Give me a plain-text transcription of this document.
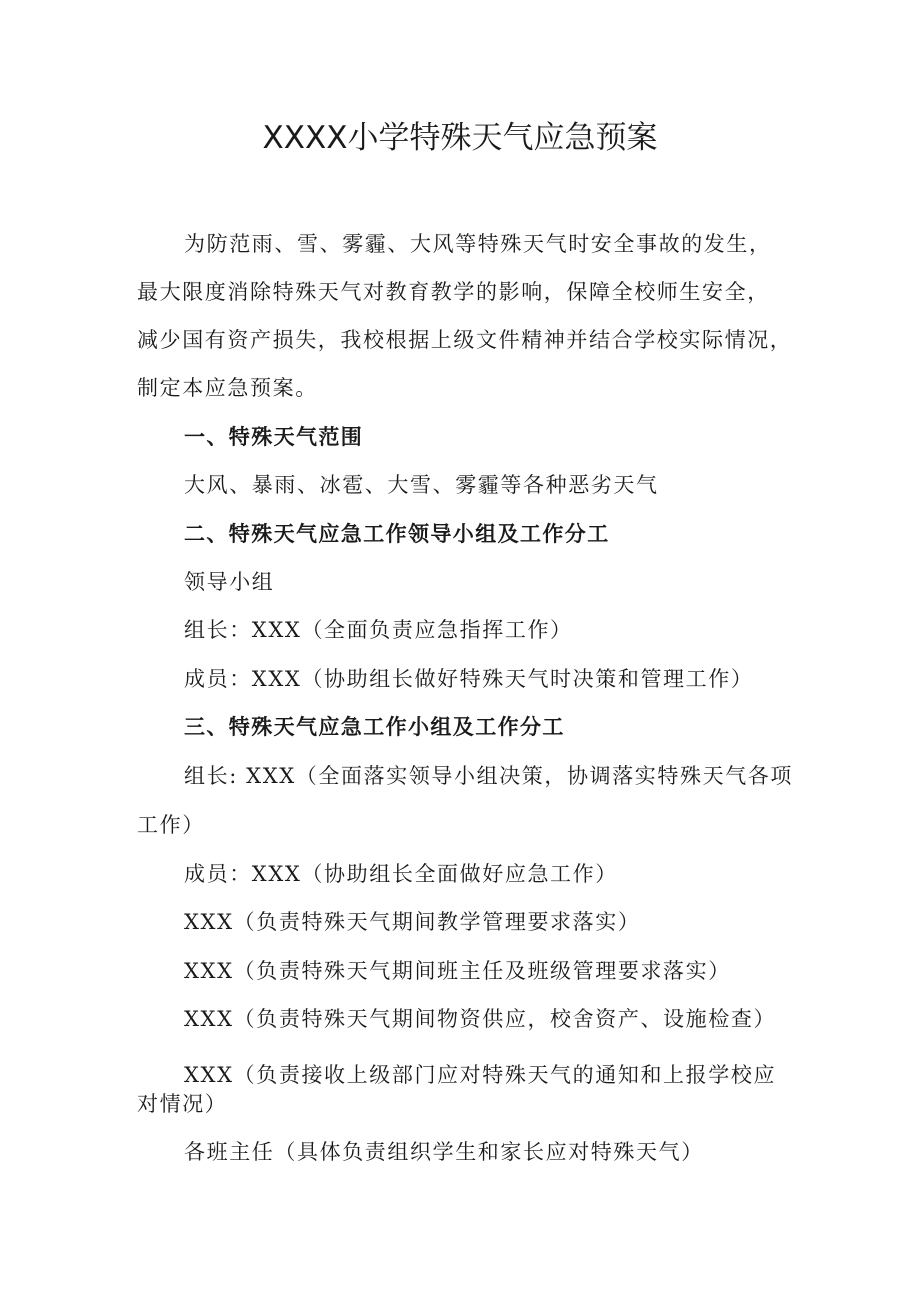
XXXX小学特殊天气应急预案
为防范雨、雪、雾霾、大风等特殊天气时安全事故的发生，
最大限度消除特殊天气对教育教学的影响，保障全校师生安全，
减少国有资产损失，我校根据上级文件精神并结合学校实际情况，
制定本应急预案。
一、特殊天气范围
大风、暴雨、冰雹、大雪、雾霾等各种恶劣天气
二、特殊天气应急工作领导小组及工作分工
领导小组
组长：XXX（全面负责应急指挥工作）
成员：XXX（协助组长做好特殊天气时决策和管理工作）
三、特殊天气应急工作小组及工作分工
组长: XXX（全面落实领导小组决策，协调落实特殊天气各项
工作）
成员：XXX（协助组长全面做好应急工作）
XXX（负责特殊天气期间教学管理要求落实）
XXX（负责特殊天气期间班主任及班级管理要求落实）
XXX（负责特殊天气期间物资供应，校舍资产、设施检查）
XXX（负责接收上级部门应对特殊天气的通知和上报学校应
对情况）
各班主任（具体负责组织学生和家长应对特殊天气）
